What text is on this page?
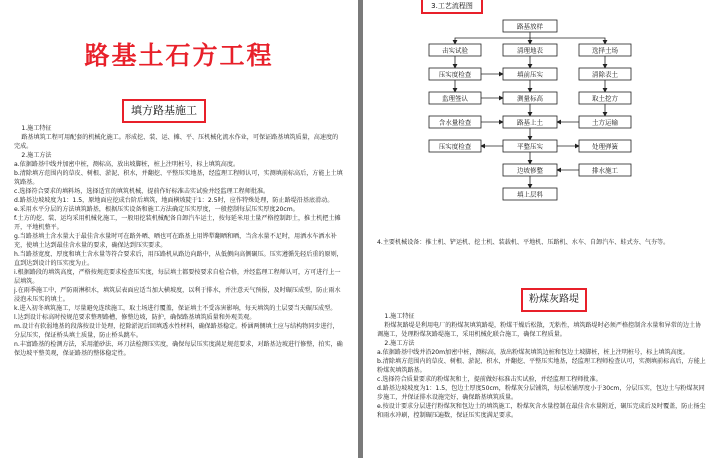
路基土石方工程
填方路基施工

1.施工特征

路基填筑工程可用配套的机械化施工。形成挖、装、运、摊、平、压机械化流水作业，可保证路基填筑质量，高速度的完成。

2.施工方法

a.依据路基中线并加密中桩，测标高，放出坡脚桩，桩上注明桩号，标上填筑高度。

b.清除填方范围内的草皮、树根、淤泥、积水，并翻挖、平整压实地基，经监理工程师认可，实测填前标高后，方能上土填筑路基。

c.选择符合要求的填料场，选择适宜的填筑机械，提前作好标准击实试验并经监理工程师批准。

d.路基边坡坡度为1：1.5，原地面应挖成台阶后填筑，地面横坡陡于1：2.5时，应作特殊处理，防止路堤沿基底滑动。

e.采用水平分层的方法填筑路基，根据压实设备和施工方法确定压实厚度，一般控制每层压实厚度20cm。

f.土方的挖、装、运均采用机械化施工，一般用挖装机械配备自卸汽车运土，按每延米用土量严格控制卸土，推土机把土摊开，平地机整平。

g.当路基填土含水量大于最佳含水量时可在路外晒、晒也可在路基上用铧犁翻晒和晒，当含水量不足时，用洒水车洒水补充，使填土达到最佳含水量的要求，确保达到压实要求。

h.当路基宽度、厚度和填土含水量等符合要求后，用压路机从路边向路中，从低侧向高侧碾压。压实遵循先轻后重的原则，直到达到设计的压实度为止。

i.根据路段的填筑高度，严格按规范要求检查压实度，每层填土都要按要求自检合格，并经监理工程师认可，方可进行上一层填筑。

j.在雨季施工中，严防雨淋积水，填筑层表面应适当加大横坡度，以利于排水，并注意天气预报，及时碾压成型，防止雨水浸泡未压实的填土。

k.进入初冬填筑施工，尽量避免连续施工，取土场进行覆盖，保证填土不受冻害影响，每天填筑的土层要当天碾压成型。

l.达到设计标高时按规范要求整理路槽，修整边坡，防护，确保路基填筑质量和外观美观。

m.设计有软弱地基的段落按设计处理，挖除淤泥后回填透水性材料，确保路基稳定。桥涵两侧填土应与结构物同步进行，分层压实，保证桥头填土质量，防止桥头跳车。

n.丰富路基的检测方法，采用灌砂法、环刀法检测压实度，确保每层压实度满足规范要求，对路基边坡进行修整，拍实，确保边坡平整美观，保证路基的整体稳定性。

3.工艺流程图
路基放样
击实试验	清理地表	选择土场
压实度检查	填前压实	清除表土
监理签认	测量标高	取土挖方
含水量检查	路基上土	土方运输
压实度检查	平整压实	处理弹簧
边坡修整	排水施工
填上层料

4.主要机械设备：推土机、铲运机、挖土机、装载机、平地机、压路机、水车、自卸汽车、蛙式夯、气夯等。

粉煤灰路堤

1.施工特征

粉煤灰路堤是利用电厂的粉煤灰填筑路堤，粉煤干燥后松散，无粘性，填筑路堤时必须严格控制含水量和异常的边土协调施工，处理粉煤灰路堤施工，采用机械化联合施工，确保工程质量。

2.施工方法

a.依据路基中线并沿20m加密中桩，测标高，放出粉煤灰填筑边桩和包边土坡脚桩，桩上注明桩号，标上填筑高度。

b.清除填方范围内的草皮、树根、淤泥、积水，并翻挖、平整压实地基，经监理工程师检查认可，实测填前标高后，方能上粉煤灰填筑路基。

c.选择符合质量要求的粉煤灰和土，提前做好标准击实试验，并经监理工程师批准。

d.路基边坡坡度为1：1.5，包边土厚度50cm，粉煤灰分层铺筑，每层松铺厚度小于30cm，分层压实，包边土与粉煤灰同步施工，并保证排水设施完好，确保路基填筑质量。

e.按设计要求分层进行粉煤灰和包边土的填筑施工，粉煤灰含水量控制在最佳含水量附近，碾压完成后及时覆盖，防止扬尘和雨水冲刷，控制碾压遍数，保证压实度满足要求。
